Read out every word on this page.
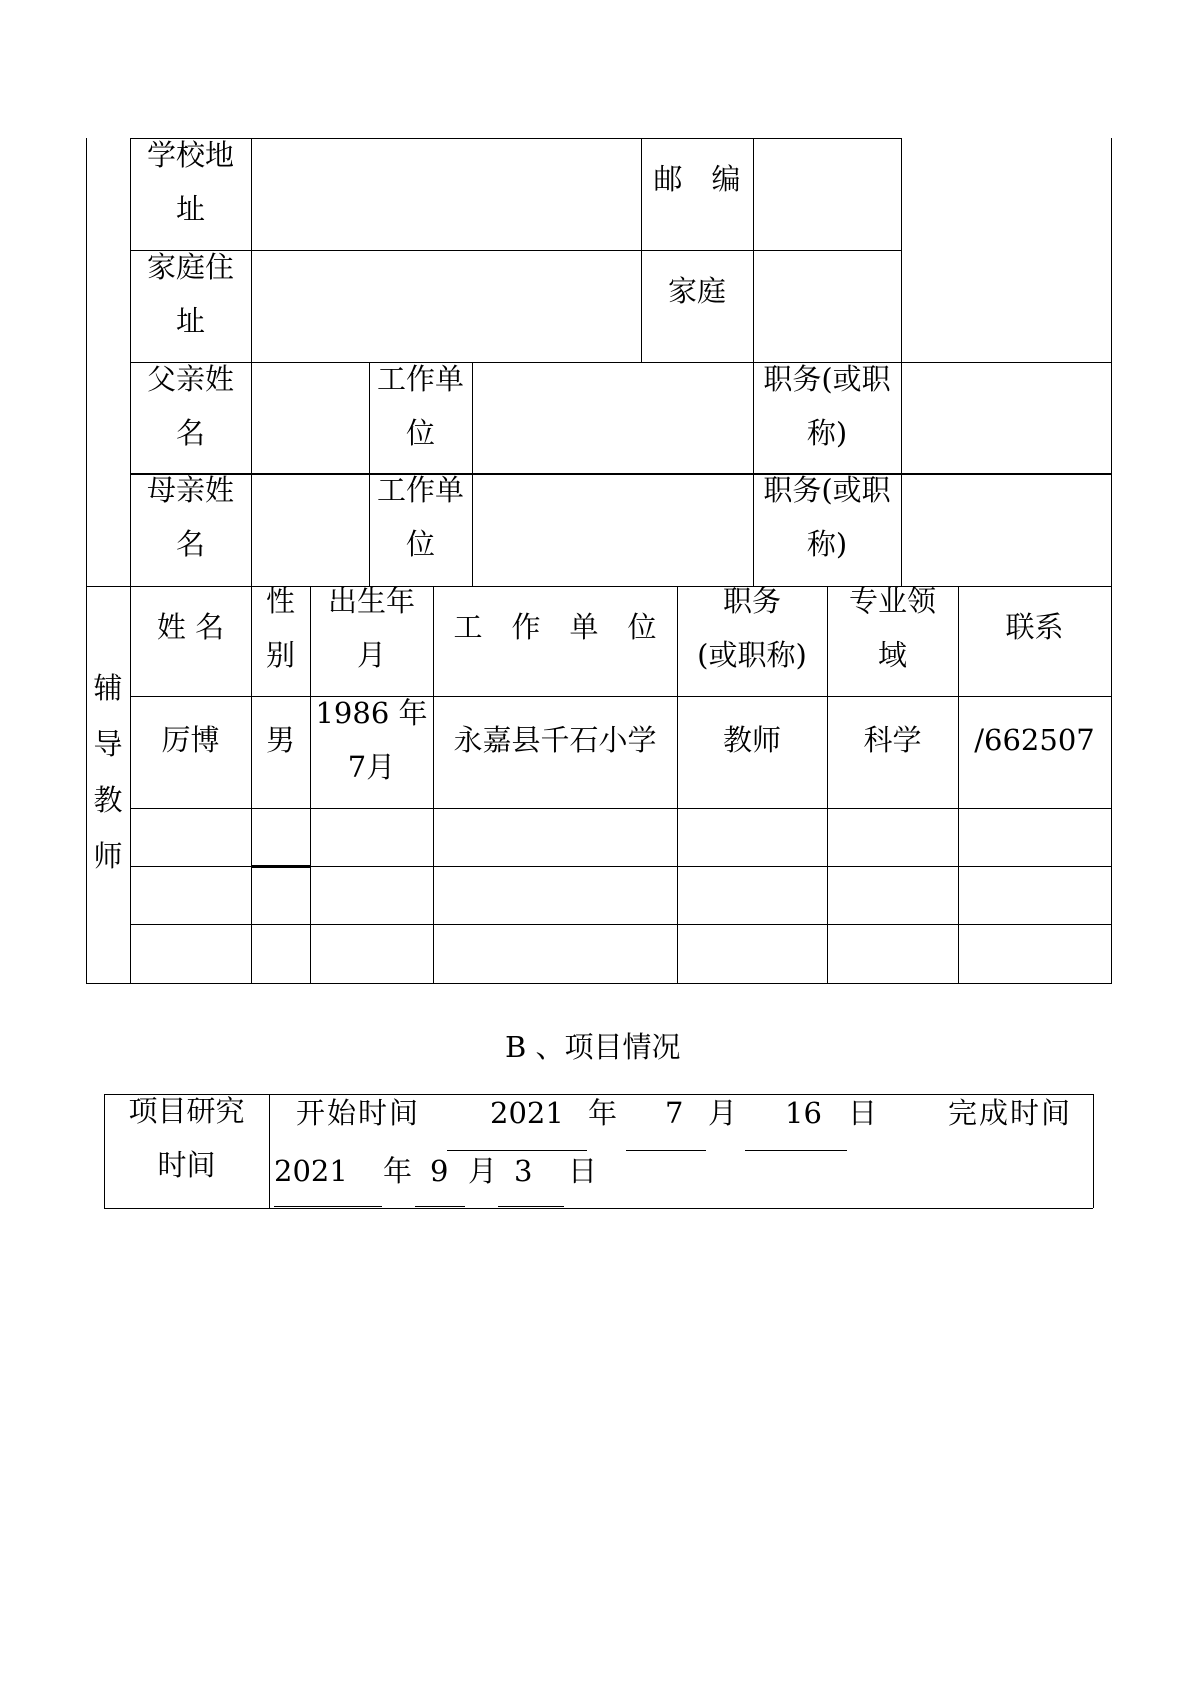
学校地
址
邮　编
家庭住
址
家庭
父亲姓
名
工作单
位
职务(或职
称)
母亲姓
名
工作单
位
职务(或职
称)
辅
导
教
师
姓 名
性
别
出生年
月
工　作　单　位
职务
(或职称)
专业领
域
联系
厉博 男
1986 年
7月
永嘉县千石小学 教师	科学 /662507
B 、项目情况
项目研究
时间
开始时间 2021 年 7 月 16 日 完成时间
2021 年 9 月 3 日
